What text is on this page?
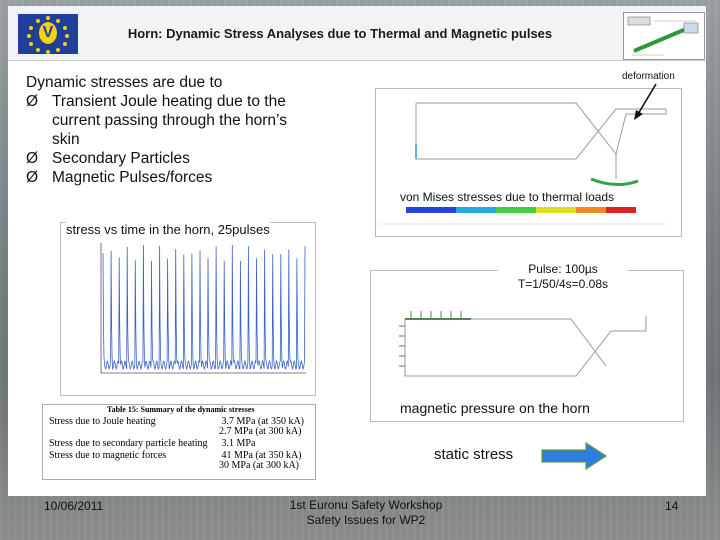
V	Horn: Dynamic Stress Analyses due to Thermal and Magnetic pulses
Dynamic stresses are due to
Ø Transient Joule heating due to the
current passing through the horn’s
skin
Ø Secondary Particles
Ø Magnetic Pulses/forces
deformation
von Mises stresses due to thermal loads
stress vs time in the horn, 25pulses
Pulse: 100µs
T=1/50/4s=0.08s
magnetic pressure on the horn
Table 15: Summary of the dynamic stresses
Stress due to Joule heating	3.7 MPa (at 350 kA)
2.7 MPa (at 300 kA)
Stress due to secondary particle heating 3.1 MPa
Stress due to magnetic forces	41 MPa (at 350 kA)
30 MPa (at 300 kA)
static stress
10/06/2011	1st Euronu Safety Workshop
Safety Issues for WP2
14
